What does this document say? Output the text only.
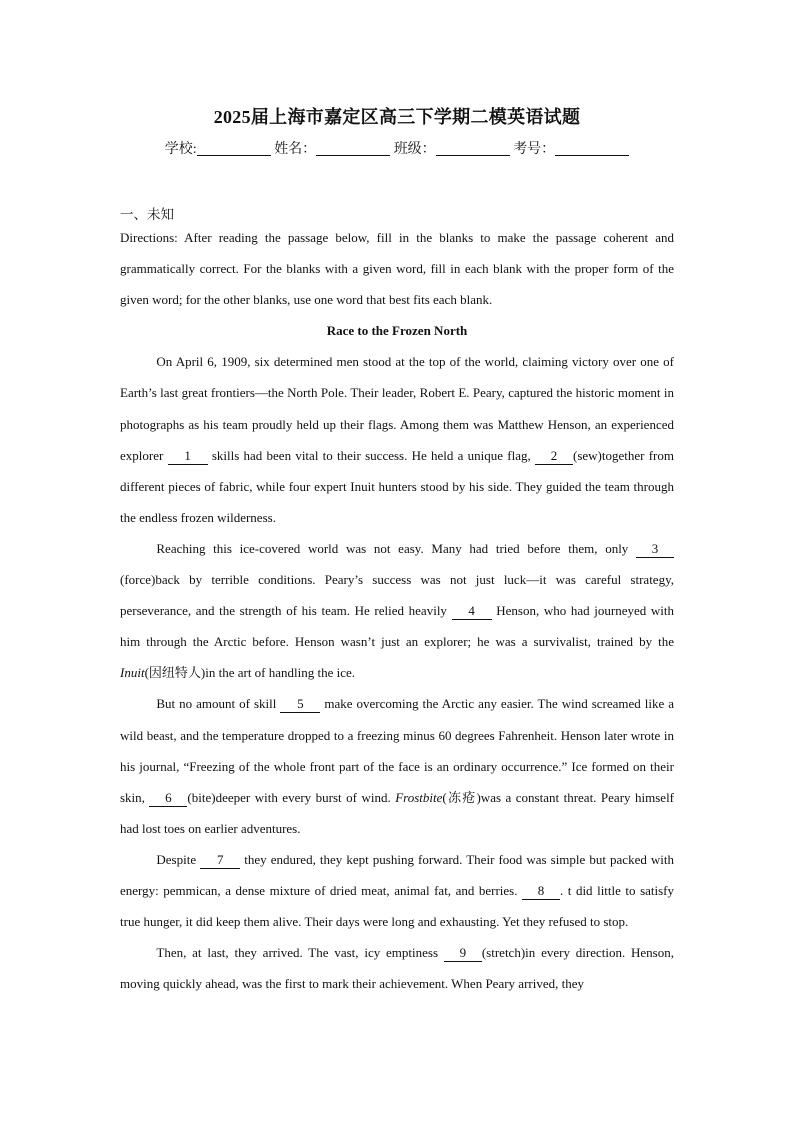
2025届上海市嘉定区高三下学期二模英语试题
学校:	姓名：	班级：	考号：
一、未知

Directions: After reading the passage below, fill in the blanks to make the passage coherent and grammatically correct. For the blanks with a given word, fill in each blank with the proper form of the given word; for the other blanks, use one word that best fits each blank.

Race to the Frozen North

On April 6, 1909, six determined men stood at the top of the world, claiming victory over one of Earth’s last great frontiers—the North Pole. Their leader, Robert E. Peary, captured the historic moment in photographs as his team proudly held up their flags. Among them was Matthew Henson, an experienced explorer 1 skills had been vital to their success. He held a unique flag, 2 (sew)together from different pieces of fabric, while four expert Inuit hunters stood by his side. They guided the team through the endless frozen wilderness.

Reaching this ice-covered world was not easy. Many had tried before them, only 3 (force)back by terrible conditions. Peary’s success was not just luck—it was careful strategy, perseverance, and the strength of his team. He relied heavily 4 Henson, who had journeyed with him through the Arctic before. Henson wasn’t just an explorer; he was a survivalist, trained by the Inuit(因纽特人)in the art of handling the ice.

But no amount of skill 5 make overcoming the Arctic any easier. The wind screamed like a wild beast, and the temperature dropped to a freezing minus 60 degrees Fahrenheit. Henson later wrote in his journal, “Freezing of the whole front part of the face is an ordinary occurrence.” Ice formed on their skin, 6 (bite)deeper with every burst of wind. Frostbite(冻疮)was a constant threat. Peary himself had lost toes on earlier adventures.

Despite 7 they endured, they kept pushing forward. Their food was simple but packed with energy: pemmican, a dense mixture of dried meat, animal fat, and berries. 8 . t did little to satisfy true hunger, it did keep them alive. Their days were long and exhausting. Yet they refused to stop.

Then, at last, they arrived. The vast, icy emptiness 9 (stretch)in every direction. Henson, moving quickly ahead, was the first to mark their achievement. When Peary arrived, they
